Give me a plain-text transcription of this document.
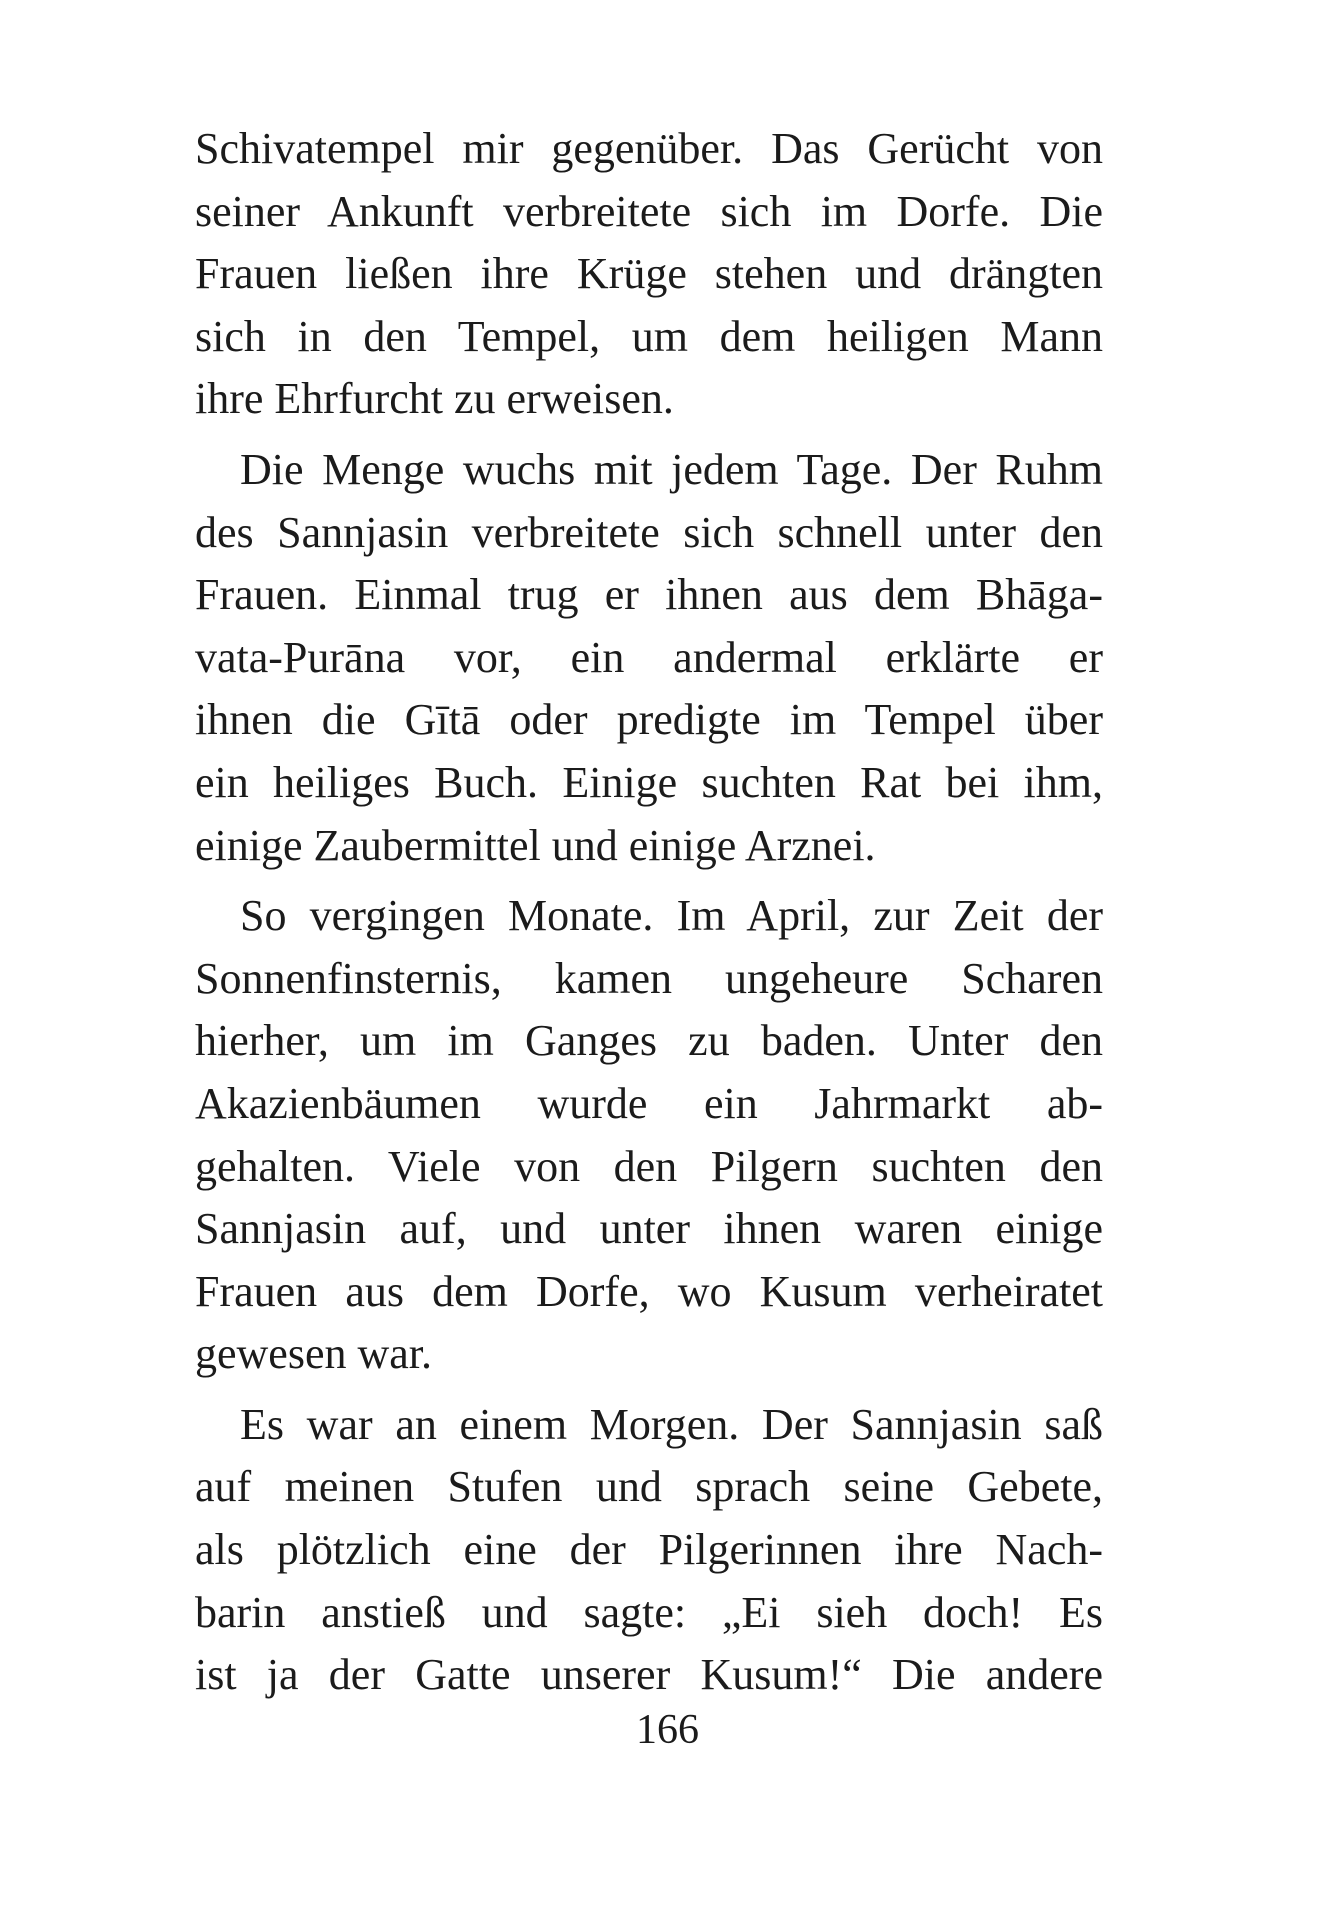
Schivatempel mir gegenüber. Das Gerücht von
seiner Ankunft verbreitete sich im Dorfe. Die
Frauen ließen ihre Krüge stehen und drängten
sich in den Tempel, um dem heiligen Mann
ihre Ehrfurcht zu erweisen.
Die Menge wuchs mit jedem Tage. Der Ruhm
des Sannjasin verbreitete sich schnell unter den
Frauen. Einmal trug er ihnen aus dem Bhāga-
vata-Purāna vor, ein andermal erklärte er
ihnen die Gītā oder predigte im Tempel über
ein heiliges Buch. Einige suchten Rat bei ihm,
einige Zaubermittel und einige Arznei.
So vergingen Monate. Im April, zur Zeit der
Sonnenfinsternis, kamen ungeheure Scharen
hierher, um im Ganges zu baden. Unter den
Akazienbäumen wurde ein Jahrmarkt ab-
gehalten. Viele von den Pilgern suchten den
Sannjasin auf, und unter ihnen waren einige
Frauen aus dem Dorfe, wo Kusum verheiratet
gewesen war.
Es war an einem Morgen. Der Sannjasin saß
auf meinen Stufen und sprach seine Gebete,
als plötzlich eine der Pilgerinnen ihre Nach-
barin anstieß und sagte: „Ei sieh doch! Es
ist ja der Gatte unserer Kusum!“ Die andere
166
